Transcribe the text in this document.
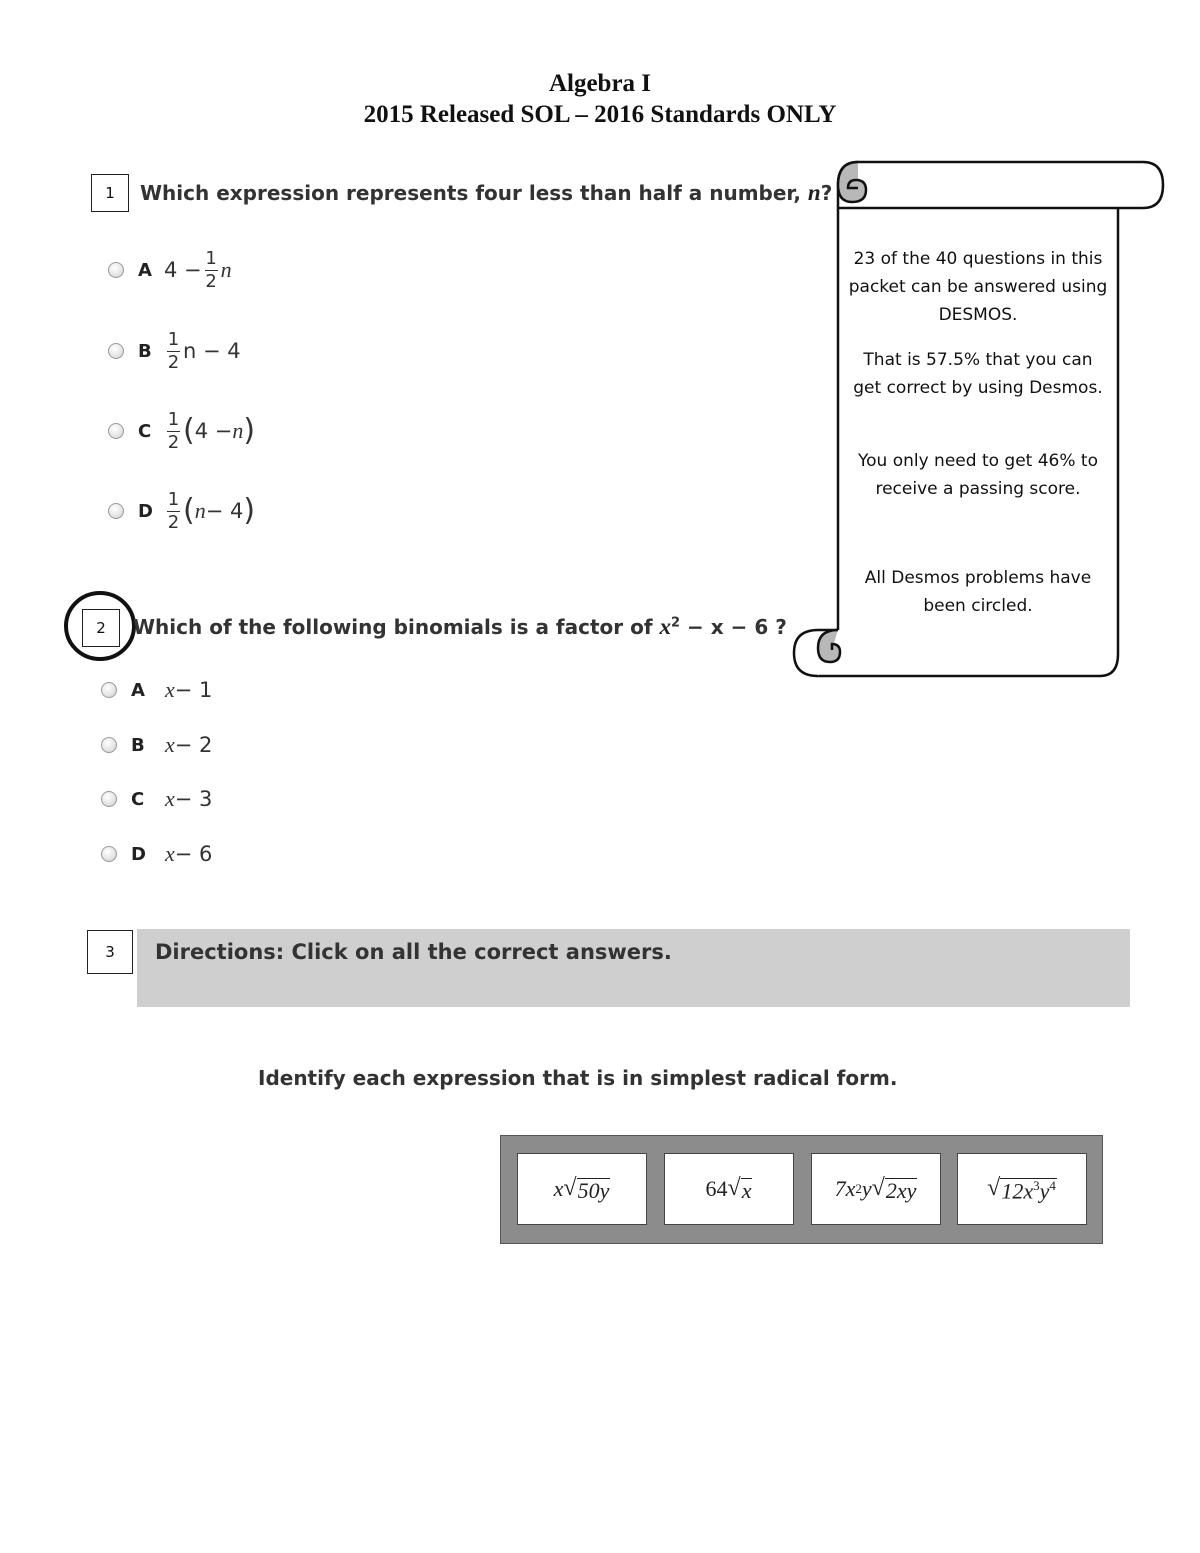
Algebra I
2015 Released SOL – 2016 Standards ONLY
1	Which expression represents four less than half a number, n?
A $4 - \frac{1}{2}$ n
B $\frac{1}{2}$ n − 4
C $\frac{1}{2}$ ( 4 − n )
D $\frac{1}{2}$ ( n − 4 )
2	Which of the following binomials is a factor of $x^2 - x - 6$ ?
A x − 1
B x − 2
C x − 3
D x − 6
23 of the 40 questions in this packet can be answered using DESMOS.
That is 57.5% that you can get correct by using Desmos.
You only need to get 46% to receive a passing score.
All Desmos problems have been circled.
3	Directions: Click on all the correct answers.
Identify each expression that is in simplest radical form.
x √ 50y	64 √ x	7x 2 y √ 2xy	√ $12x^3y^4$
